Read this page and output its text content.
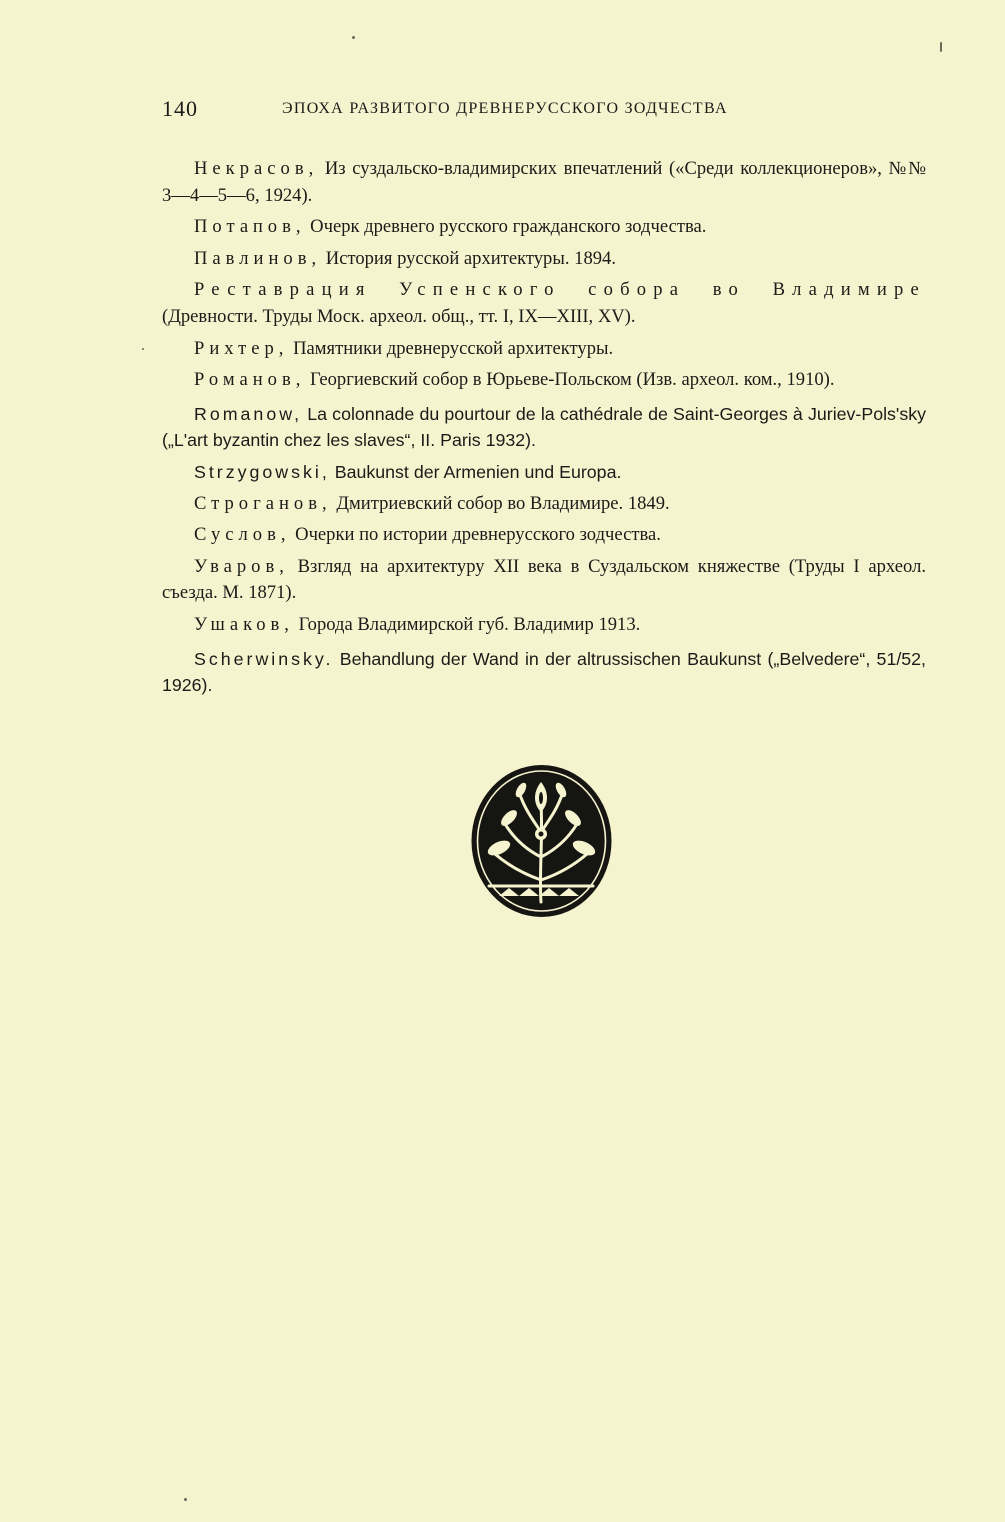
140	ЭПОХА РАЗВИТОГО ДРЕВНЕРУССКОГО ЗОДЧЕСТВА

Некрасов, Из суздальско-владимирских впечатлений («Среди коллекционеров», №№ 3—4—5—6, 1924).

Потапов, Очерк древнего русского гражданского зодчества.

Павлинов, История русской архитектуры. 1894.

Реставрация Успенского собора во Владимире (Древности. Труды Моск. археол. общ., тт. I, IX—XIII, XV).

Рихтер, Памятники древнерусской архитектуры.

Романов, Георгиевский собор в Юрьеве-Польском (Изв. археол. ком., 1910).

Romanow, La colonnade du pourtour de la cathédrale de Saint-Georges à Juriev-Pols'sky („L'art byzantin chez les slaves“, II. Paris 1932).

Strzygowski, Baukunst der Armenien und Europa.

Строганов, Дмитриевский собор во Владимире. 1849.

Суслов, Очерки по истории древнерусского зодчества.

Уваров, Взгляд на архитектуру XII века в Суздальском княжестве (Труды I археол. съезда. М. 1871).

Ушаков, Города Владимирской губ. Владимир 1913.

Scherwinsky. Behandlung der Wand in der altrussischen Baukunst („Belvedere“, 51/52, 1926).
